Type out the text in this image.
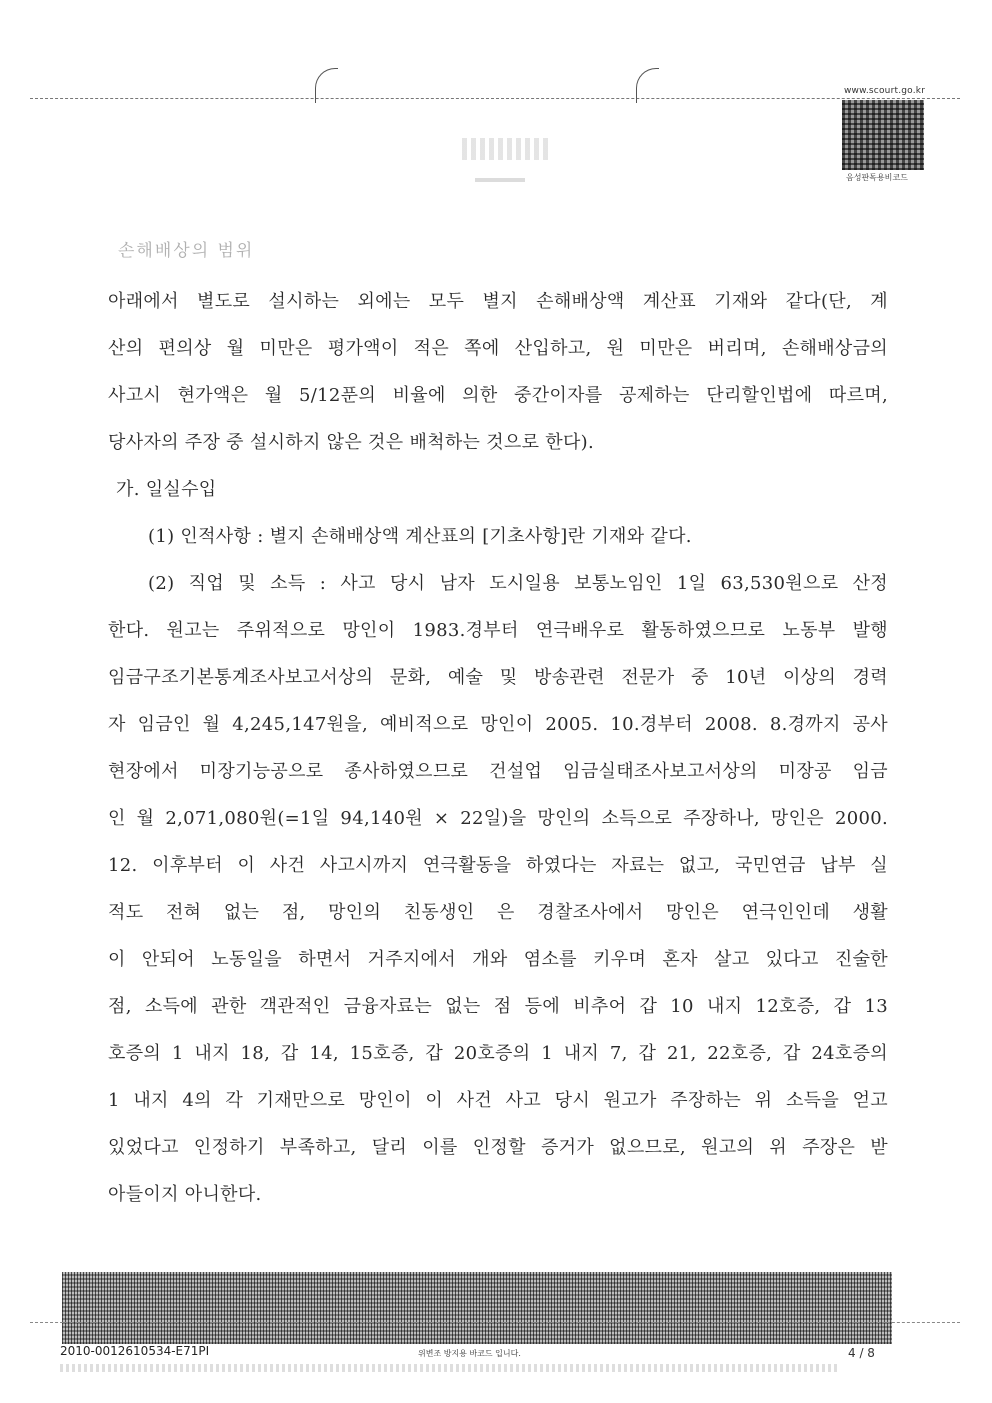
www.scourt.go.kr
음성판독용비코드
손해배상의 범위
아래에서 별도로 설시하는 외에는 모두 별지 손해배상액 계산표 기재와 같다(단, 계
산의 편의상 월 미만은 평가액이 적은 쪽에 산입하고, 원 미만은 버리며, 손해배상금의
사고시 현가액은 월 5/12푼의 비율에 의한 중간이자를 공제하는 단리할인법에 따르며,
당사자의 주장 중 설시하지 않은 것은 배척하는 것으로 한다).
가. 일실수입
(1) 인적사항 : 별지 손해배상액 계산표의 [기초사항]란 기재와 같다.
(2) 직업 및 소득 : 사고 당시 남자 도시일용 보통노임인 1일 63,530원으로 산정
한다. 원고는 주위적으로 망인이 1983.경부터 연극배우로 활동하였으므로 노동부 발행
임금구조기본통계조사보고서상의 문화, 예술 및 방송관련 전문가 중 10년 이상의 경력
자 임금인 월 4,245,147원을, 예비적으로 망인이 2005. 10.경부터 2008. 8.경까지 공사
현장에서 미장기능공으로 종사하였으므로 건설업 임금실태조사보고서상의 미장공 임금
인 월 2,071,080원(=1일 94,140원 × 22일)을 망인의 소득으로 주장하나, 망인은 2000.
12. 이후부터 이 사건 사고시까지 연극활동을 하였다는 자료는 없고, 국민연금 납부 실
적도 전혀 없는 점, 망인의 친동생인 은 경찰조사에서 망인은 연극인인데 생활
이 안되어 노동일을 하면서 거주지에서 개와 염소를 키우며 혼자 살고 있다고 진술한
점, 소득에 관한 객관적인 금융자료는 없는 점 등에 비추어 갑 10 내지 12호증, 갑 13
호증의 1 내지 18, 갑 14, 15호증, 갑 20호증의 1 내지 7, 갑 21, 22호증, 갑 24호증의
1 내지 4의 각 기재만으로 망인이 이 사건 사고 당시 원고가 주장하는 위 소득을 얻고
있었다고 인정하기 부족하고, 달리 이를 인정할 증거가 없으므로, 원고의 위 주장은 받
아들이지 아니한다.
2010-0012610534-E71PI	위변조 방지용 바코드 입니다.	4 / 8
